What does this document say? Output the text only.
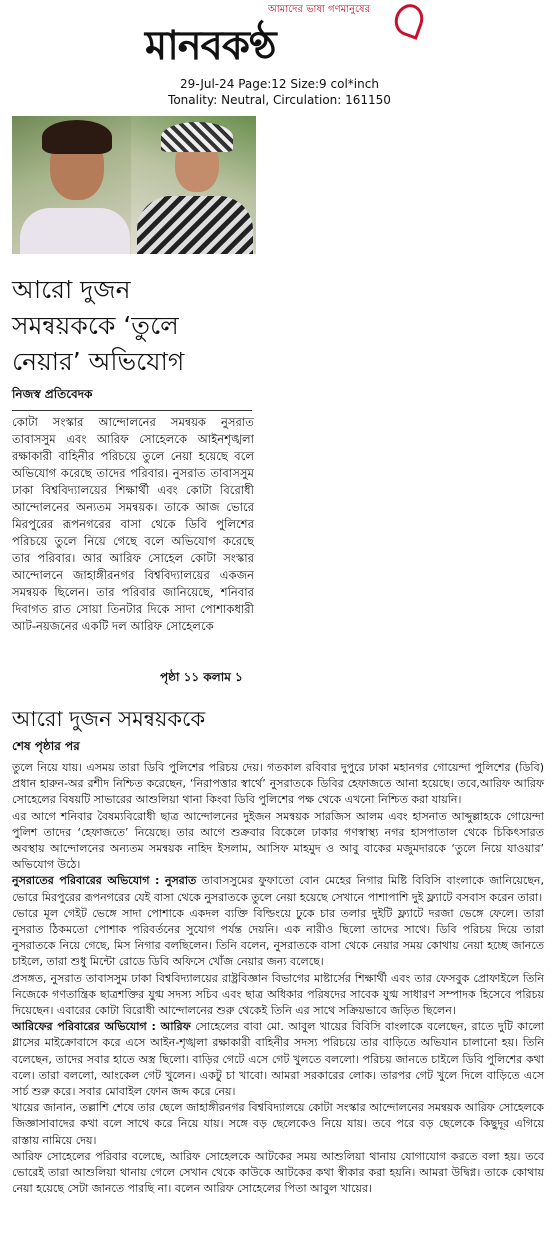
আমাদের ভাষা গণমানুষের
মানবকণ্ঠ
29-Jul-24 Page:12 Size:9 col*inch
Tonality: Neutral, Circulation: 161150
আরো দুজন
সমন্বয়ককে ‘তুলে
নেয়ার’ অভিযোগ
নিজস্ব প্রতিবেদক

কোটা সংস্কার আন্দোলনের সমন্বয়ক নুসরাত তাবাসসুম এবং আরিফ সোহেলকে আইনশৃঙ্খলা রক্ষাকারী বাহিনীর পরিচয়ে তুলে নেয়া হয়েছে বলে অভিযোগ করেছে তাদের পরিবার। নুসরাত তাবাসসুম ঢাকা বিশ্ববিদ্যালয়ের শিক্ষার্থী এবং কোটা বিরোধী আন্দোলনের অন্যতম সমন্বয়ক। তাকে আজ ভোরে মিরপুরের রূপনগরের বাসা থেকে ডিবি পুলিশের পরিচয়ে তুলে নিয়ে গেছে বলে অভিযোগ করেছে তার পরিবার। আর আরিফ সোহেল কোটা সংস্কার আন্দোলনে জাহাঙ্গীরনগর বিশ্ববিদ্যালয়ের একজন সমন্বয়ক ছিলেন। তার পরিবার জানিয়েছে, শনিবার দিবাগত রাত সোয়া তিনটার দিকে সাদা পোশাকধারী আট-নয়জনের একটি দল আরিফ সোহেলকে

পৃষ্ঠা ১১ কলাম ১
আরো দুজন সমন্বয়ককে
শেষ পৃষ্ঠার পর

তুলে নিয়ে যায়। এসময় তারা ডিবি পুলিশের পরিচয় দেয়। গতকাল রবিবার দুপুরে ঢাকা মহানগর গোয়েন্দা পুলিশের (ডিবি) প্রধান হারুন-অর রশীদ নিশ্চিত করেছেন, ‘নিরাপত্তার স্বার্থে’ নুসরাতকে ডিবির হেফাজতে আনা হয়েছে। তবে,আরিফ আরিফ সোহেলের বিষয়টি সাভারের আশুলিয়া থানা কিংবা ডিবি পুলিশের পক্ষ থেকে এখনো নিশ্চিত করা যায়নি।

এর আগে শনিবার বৈষম্যবিরোধী ছাত্র আন্দোলনের দুইজন সমন্বয়ক সারজিস আলম এবং হাসনাত আব্দুল্লাহকে গোয়েন্দা পুলিশ তাদের ‘হেফাজতে’ নিয়েছে। তার আগে শুক্রবার বিকেলে ঢাকার গণস্বাস্থ্য নগর হাসপাতাল থেকে চিকিৎসারত অবস্থায় আন্দোলনের অন্যতম সমন্বয়ক নাহিদ ইসলাম, আসিফ মাহমুদ ও আবু বাকের মজুমদারকে ‘তুলে নিয়ে যাওয়ার’ অভিযোগ উঠে।

নুসরাতের পরিবারের অভিযোগ : নুসরাত তাবাসসুমের ফুফাতো বোন মেহের নিগার মিষ্টি বিবিসি বাংলাকে জানিয়েছেন, ভোরে মিরপুরের রূপনগরের যেই বাসা থেকে নুসরাতকে তুলে নেয়া হয়েছে সেখানে পাশাপাশি দুই ফ্ল্যাটে বসবাস করেন তারা।

ভোরে মূল গেইট ভেঙ্গে সাদা পোশাকে একদল ব্যক্তি বিল্ডিংয়ে ঢুকে চার তলার দুইটি ফ্ল্যাটে দরজা ভেঙ্গে ফেলে। তারা নুসরাত ঠিকমতো পোশাক পরিবর্তনের সুযোগ পর্যন্ত দেয়নি। এক নারীও ছিলো তাদের সাথে। ডিবি পরিচয় দিয়ে তারা নুসরাতকে নিয়ে গেছে, মিস নিগার বলছিলেন। তিনি বলেন, নুসরাতকে বাসা থেকে নেয়ার সময় কোথায় নেয়া হচ্ছে জানতে চাইলে, তারা শুধু মিন্টো রোডে ডিবি অফিসে খোঁজ নেয়ার জন্য বলেছে।

প্রসঙ্গত, নুসরাত তাবাসসুম ঢাকা বিশ্ববিদ্যালয়ের রাষ্ট্রবিজ্ঞান বিভাগের মাষ্টার্সের শিক্ষার্থী এবং তার ফেসবুক প্রোফাইলে তিনি নিজেকে গণতান্ত্রিক ছাত্রশক্তির যুগ্ম সদস্য সচিব এবং ছাত্র অধিকার পরিষদের সাবেক যুগ্ম সাধারণ সম্পাদক হিসেবে পরিচয় দিয়েছেন। এবারের কোটা বিরোধী আন্দোলনের শুরু থেকেই তিনি এর সাথে সক্রিয়ভাবে জড়িত ছিলেন।

আরিফের পরিবারের অভিযোগ : আরিফ সোহেলের বাবা মো. আবুল খায়ের বিবিসি বাংলাকে বলেছেন, রাতে দুটি কালো গ্লাসের মাইক্রোবাসে করে এসে আইন-শৃঙ্খলা রক্ষাকারী বাহিনীর সদস্য পরিচয়ে তার বাড়িতে অভিযান চালানো হয়। তিনি বলেছেন, তাদের সবার হাতে অস্ত্র ছিলো। বাড়ির গেটে এসে গেট খুলতে বললো। পরিচয় জানতে চাইলে ডিবি পুলিশের কথা বলে। তারা বললো, আংকেল গেট খুলেন। একটু চা খাবো। আমরা সরকারের লোক। তারপর গেট খুলে দিলে বাড়িতে এসে সার্চ শুরু করে। সবার মোবাইল ফোন জব্দ করে নেয়।

খায়ের জানান, তল্লাশি শেষে তার ছেলে জাহাঙ্গীরনগর বিশ্ববিদ্যালয়ে কোটা সংস্কার আন্দোলনের সমন্বয়ক আরিফ সোহেলকে জিজ্ঞাসাবাদের কথা বলে সাথে করে নিয়ে যায়। সঙ্গে বড় ছেলেকেও নিয়ে যায়। তবে পরে বড় ছেলেকে কিছুদূর এগিয়ে রাস্তায় নামিয়ে দেয়।

আরিফ সোহেলের পরিবার বলেছে, আরিফ সোহেলকে আটকের সময় আশুলিয়া থানায় যোগাযোগ করতে বলা হয়। তবে ভোরেই তারা আশুলিয়া থানায় গেলে সেখান থেকে কাউকে আটকের কথা স্বীকার করা হয়নি। আমরা উদ্বিগ্ন। তাকে কোথায় নেয়া হয়েছে সেটা জানতে পারছি না। বলেন আরিফ সোহেলের পিতা আবুল খায়ের।
